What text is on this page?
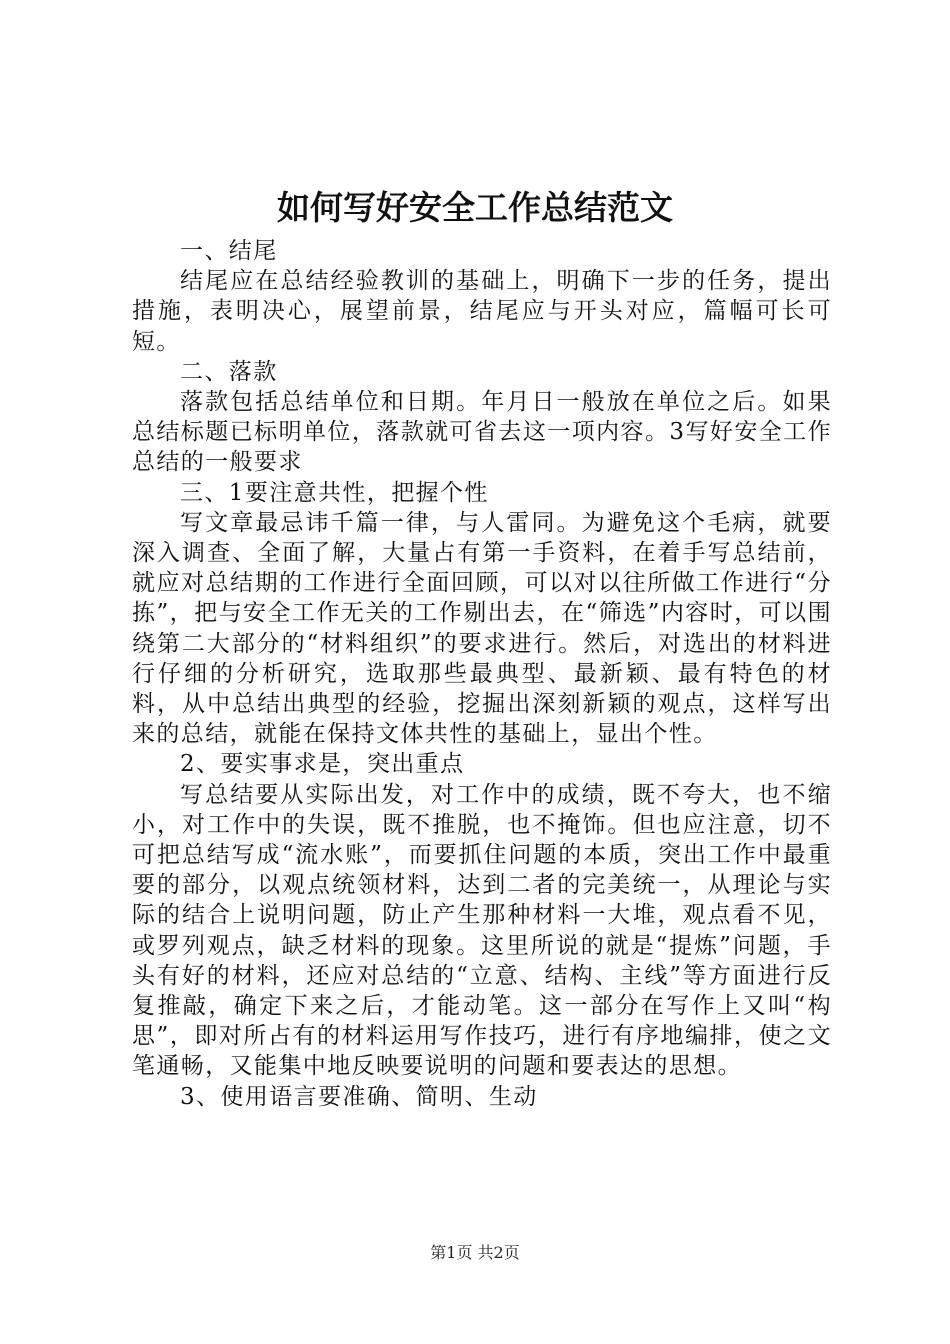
如何写好安全工作总结范文

一、结尾

结尾应在总结经验教训的基础上，明确下一步的任务，提出措施，表明决心，展望前景，结尾应与开头对应，篇幅可长可短。

二、落款

落款包括总结单位和日期。年月日一般放在单位之后。如果总结标题已标明单位，落款就可省去这一项内容。3写好安全工作总结的一般要求

三、1要注意共性，把握个性

写文章最忌讳千篇一律，与人雷同。为避免这个毛病，就要深入调查、全面了解，大量占有第一手资料，在着手写总结前，就应对总结期的工作进行全面回顾，可以对以往所做工作进行“分拣”，把与安全工作无关的工作剔出去，在“筛选”内容时，可以围绕第二大部分的“材料组织”的要求进行。然后，对选出的材料进行仔细的分析研究，选取那些最典型、最新颖、最有特色的材料，从中总结出典型的经验，挖掘出深刻新颖的观点，这样写出来的总结，就能在保持文体共性的基础上，显出个性。

2、要实事求是，突出重点

写总结要从实际出发，对工作中的成绩，既不夸大，也不缩小，对工作中的失误，既不推脱，也不掩饰。但也应注意，切不可把总结写成“流水账”，而要抓住问题的本质，突出工作中最重要的部分，以观点统领材料，达到二者的完美统一，从理论与实际的结合上说明问题，防止产生那种材料一大堆，观点看不见，或罗列观点，缺乏材料的现象。这里所说的就是“提炼”问题，手头有好的材料，还应对总结的“立意、结构、主线”等方面进行反复推敲，确定下来之后，才能动笔。这一部分在写作上又叫“构思”，即对所占有的材料运用写作技巧，进行有序地编排，使之文笔通畅，又能集中地反映要说明的问题和要表达的思想。

3、使用语言要准确、简明、生动

第1页 共2页
